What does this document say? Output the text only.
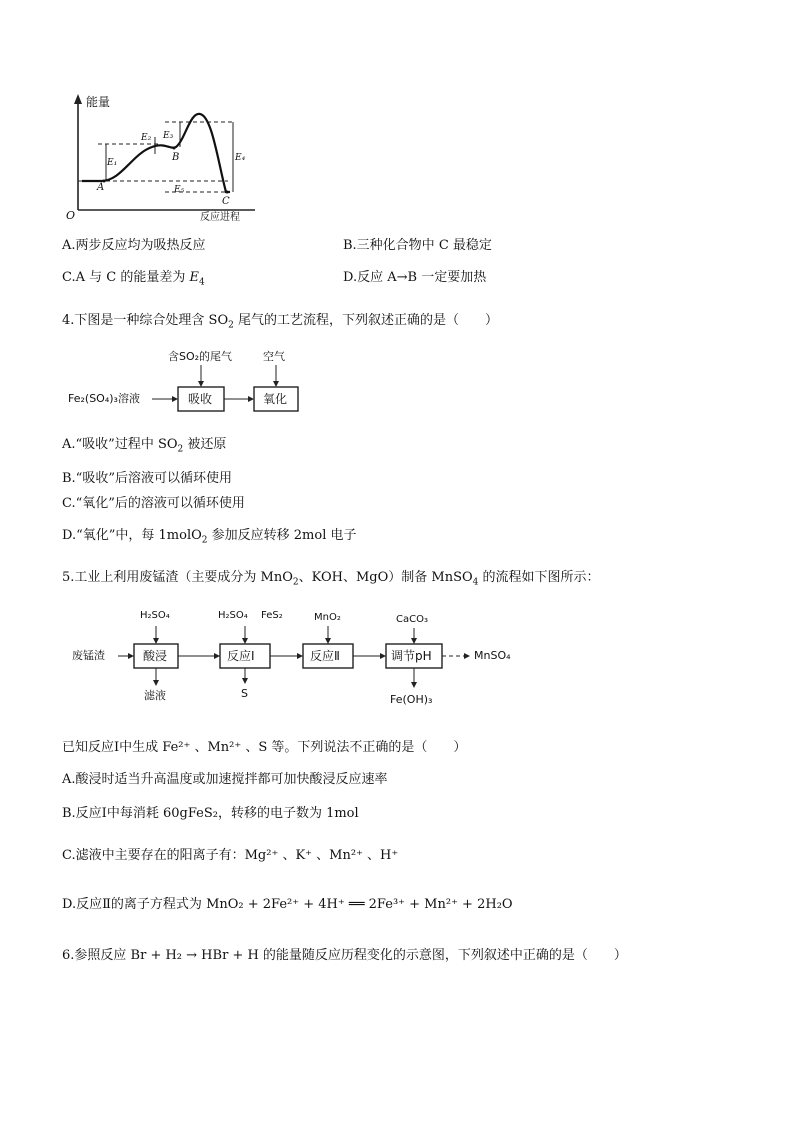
能量
O	反应进程
E₁
E₂ E₃
E₄
E₅
A
B
C
A.两步反应均为吸热反应	B.三种化合物中 C 最稳定
C.A 与 C 的能量差为 $E_4$	D.反应 A→B 一定要加热
4.下图是一种综合处理含 $SO_2$ 尾气的工艺流程，下列叙述正确的是（　　）
含SO₂的尾气	空气
Fe₂(SO₄)₃溶液	吸收	氧化
A.“吸收”过程中 $SO_2$ 被还原
B.“吸收”后溶液可以循环使用
C.“氧化”后的溶液可以循环使用
D.“氧化”中，每 1molO$_2$ 参加反应转移 2mol 电子
5.工业上利用废锰渣（主要成分为 MnO$_2$、KOH、MgO）制备 MnSO$_4$ 的流程如下图所示：
废锰渣	酸浸	反应Ⅰ	反应Ⅱ	调节pH	MnSO₄
H₂SO₄	H₂SO₄ FeS₂	MnO₂	CaCO₃
滤液	S	Fe(OH)₃
已知反应Ⅰ中生成 Fe²⁺ 、Mn²⁺ 、S 等。下列说法不正确的是（　　）
A.酸浸时适当升高温度或加速搅拌都可加快酸浸反应速率
B.反应Ⅰ中每消耗 60gFeS₂，转移的电子数为 1mol
C.滤液中主要存在的阳离子有：Mg²⁺ 、K⁺ 、Mn²⁺ 、H⁺
D.反应Ⅱ的离子方程式为 MnO₂ + 2Fe²⁺ + 4H⁺ ══ 2Fe³⁺ + Mn²⁺ + 2H₂O
6.参照反应 Br + H₂ → HBr + H 的能量随反应历程变化的示意图，下列叙述中正确的是（　　）
